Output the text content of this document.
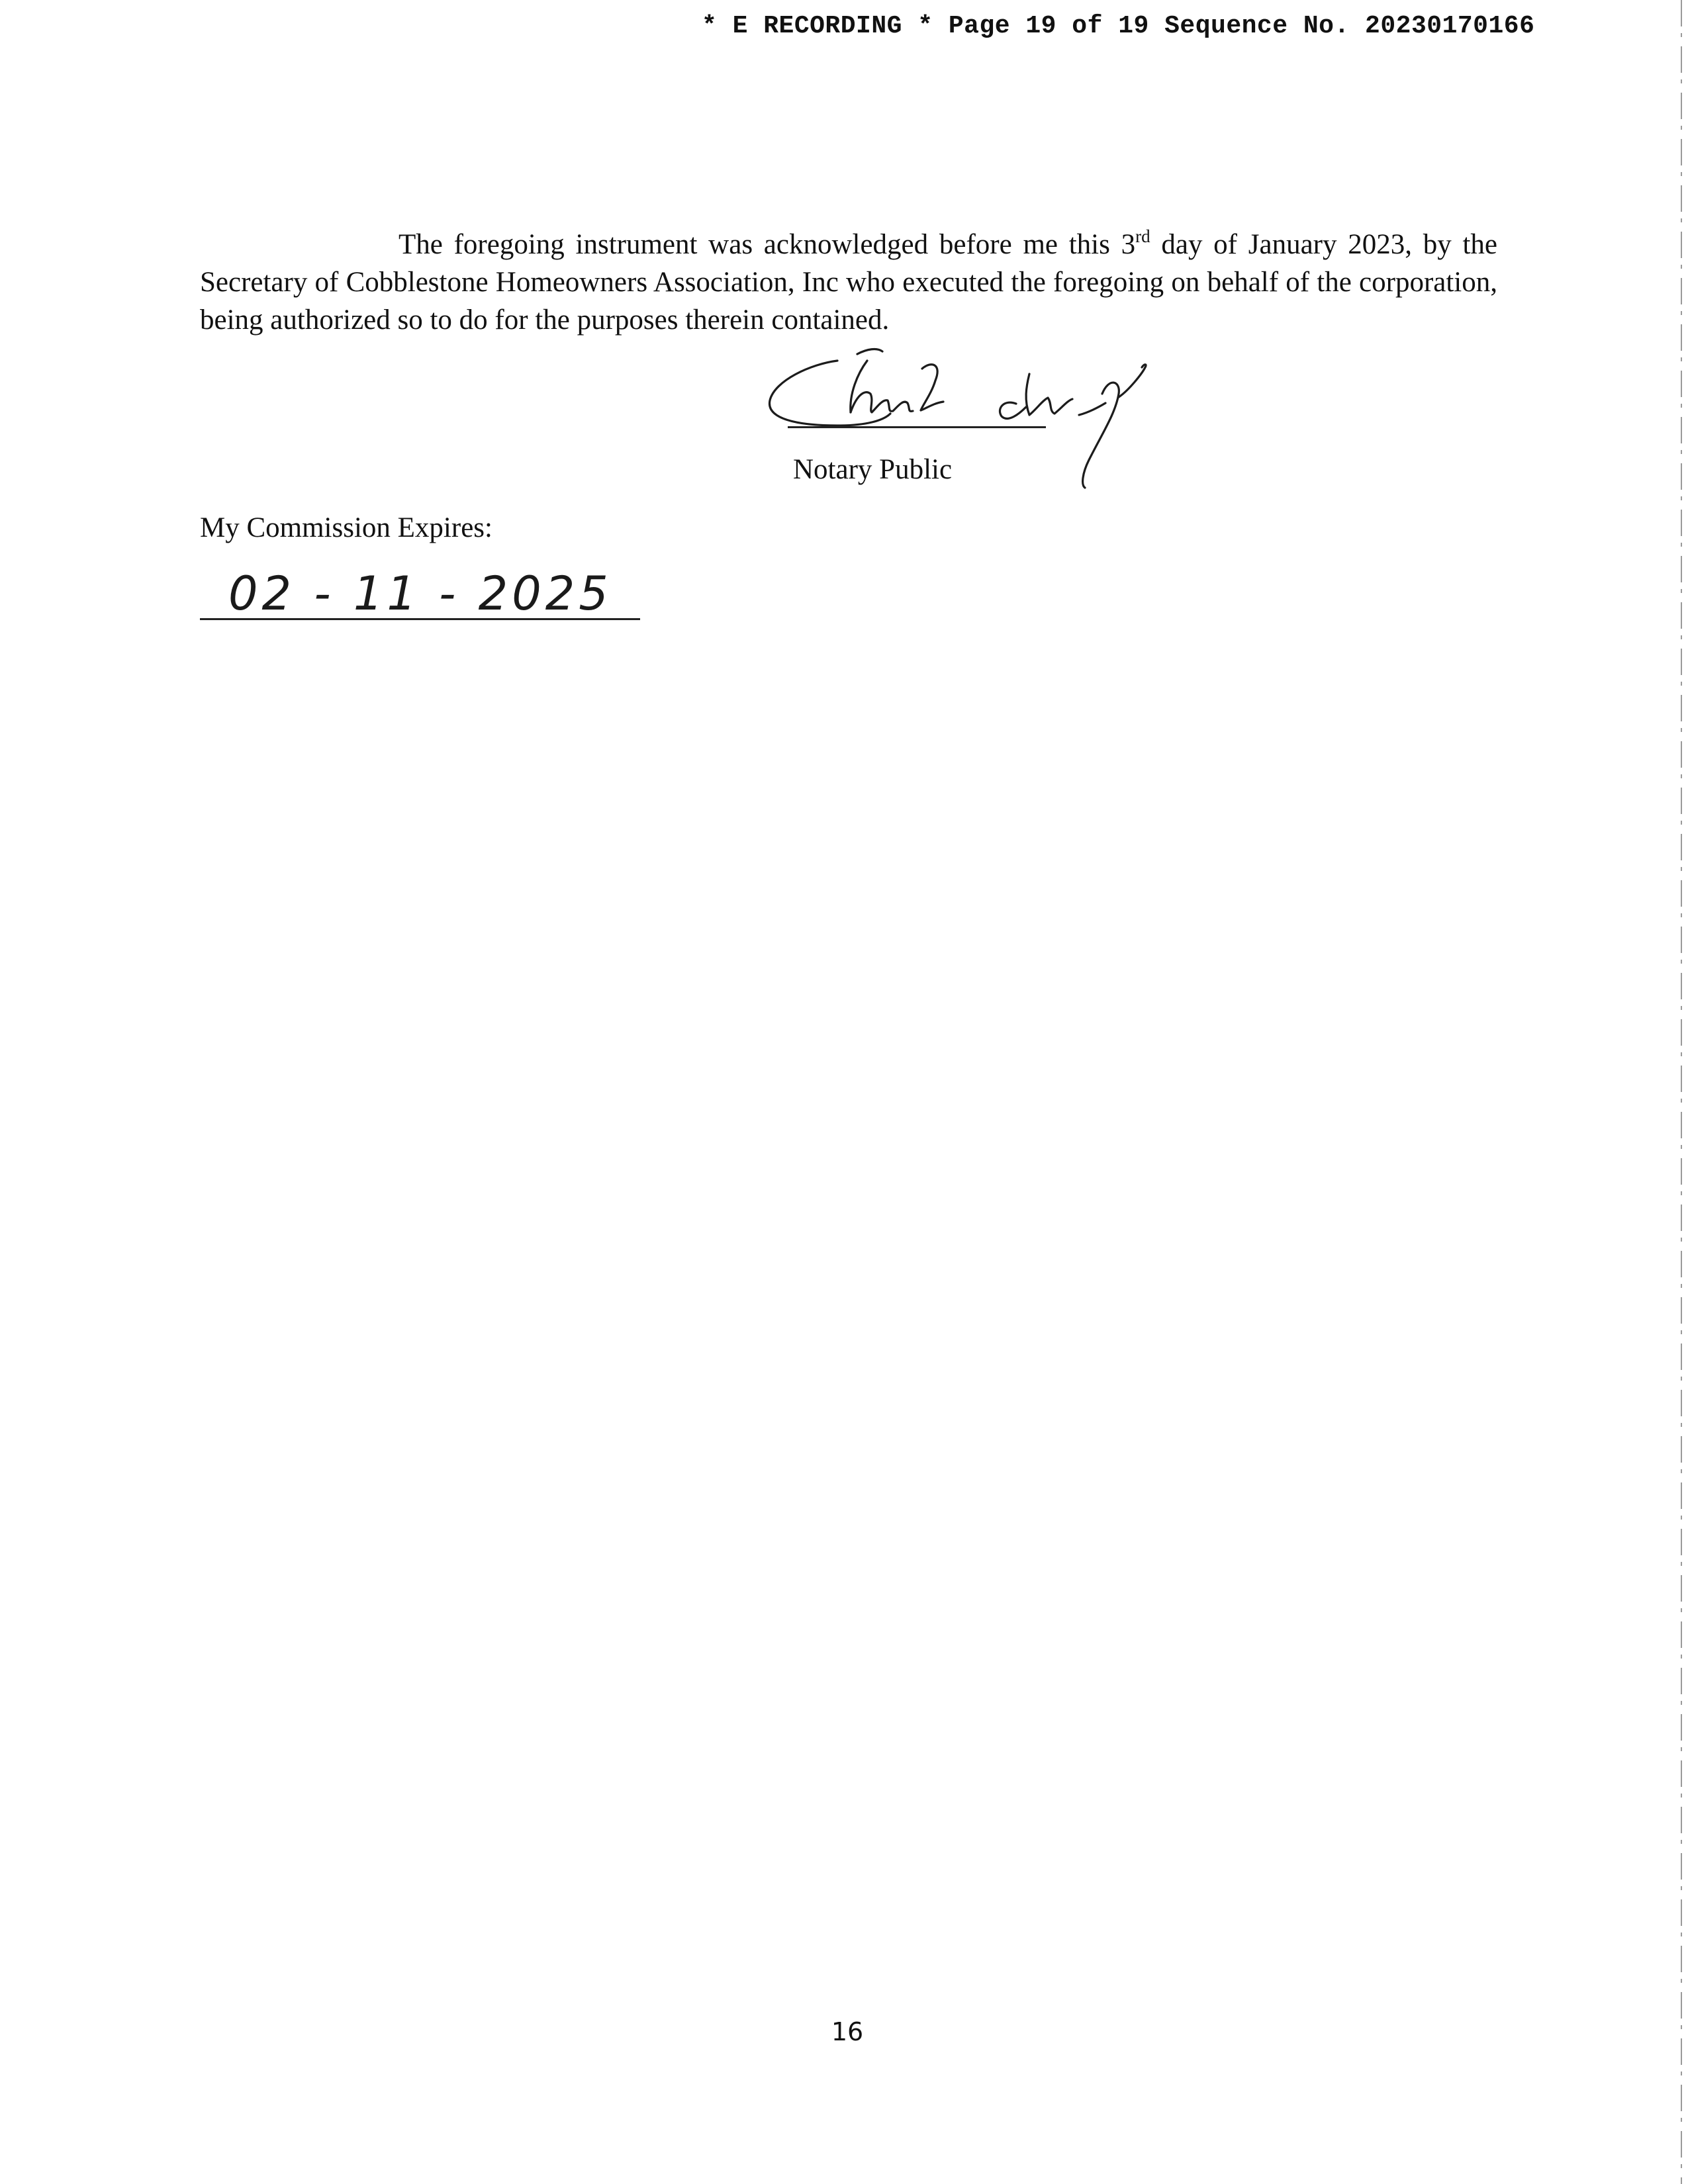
* E RECORDING * Page 19 of 19 Sequence No. 20230170166

The foregoing instrument was acknowledged before me this 3rd day of January 2023, by the Secretary of Cobblestone Homeowners Association, Inc who executed the foregoing on behalf of the corporation, being authorized so to do for the purposes therein contained.

Notary Public
My Commission Expires:
02 - 11 - 2025
16
